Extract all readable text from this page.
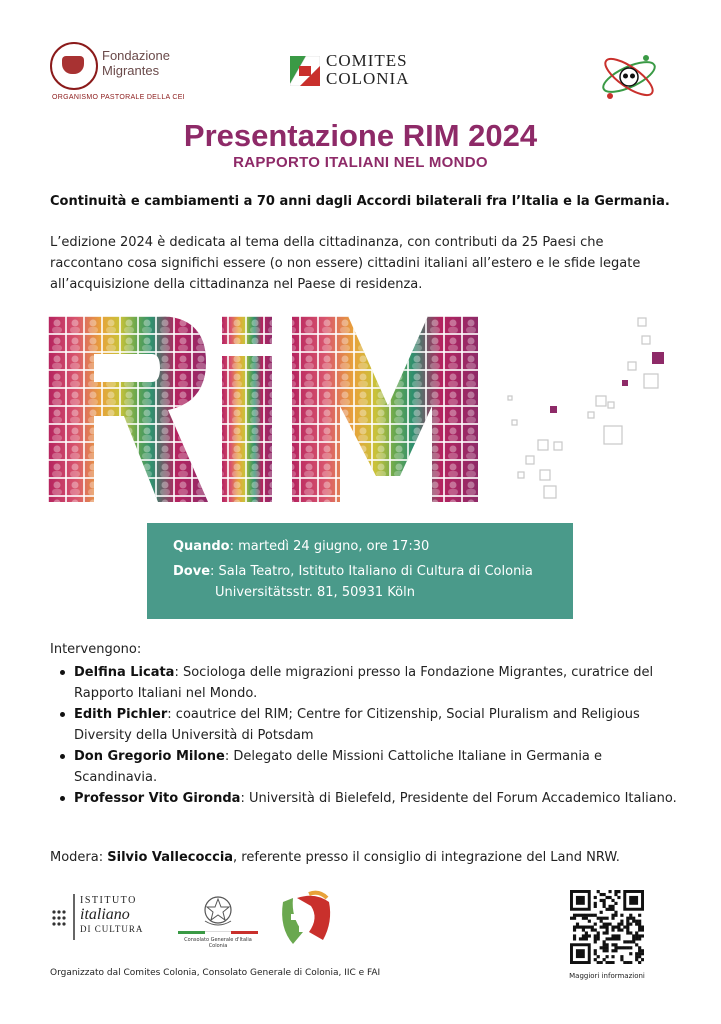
Fondazione
Migrantes
ORGANISMO PASTORALE DELLA CEI
COMITES
COLONIA
Presentazione RIM 2024
RAPPORTO ITALIANI NEL MONDO
Continuità e cambiamenti a 70 anni dagli Accordi bilaterali fra l’Italia e la Germania.
L’edizione 2024 è dedicata al tema della cittadinanza, con contributi da 25 Paesi che raccontano cosa significhi essere (o non essere) cittadini italiani all’estero e le sfide legate all’acquisizione della cittadinanza nel Paese di residenza.
Quando: martedì 24 giugno, ore 17:30
Dove: Sala Teatro, Istituto Italiano di Cultura di Colonia
Universitätsstr. 81, 50931 Köln
Intervengono:
Delfina Licata: Sociologa delle migrazioni presso la Fondazione Migrantes, curatrice del Rapporto Italiani nel Mondo.
Edith Pichler: coautrice del RIM; Centre for Citizenship, Social Pluralism and Religious Diversity della Università di Potsdam
Don Gregorio Milone: Delegato delle Missioni Cattoliche Italiane in Germania e Scandinavia.
Professor Vito Gironda: Università di Bielefeld, Presidente del Forum Accademico Italiano.
Modera: Silvio Vallecoccia, referente presso il consiglio di integrazione del Land NRW.
ISTITUTO
italiano
DI CULTURA
Consolato Generale d'Italia Colonia
Maggiori informazioni
Organizzato dal Comites Colonia, Consolato Generale di Colonia, IIC e FAI
